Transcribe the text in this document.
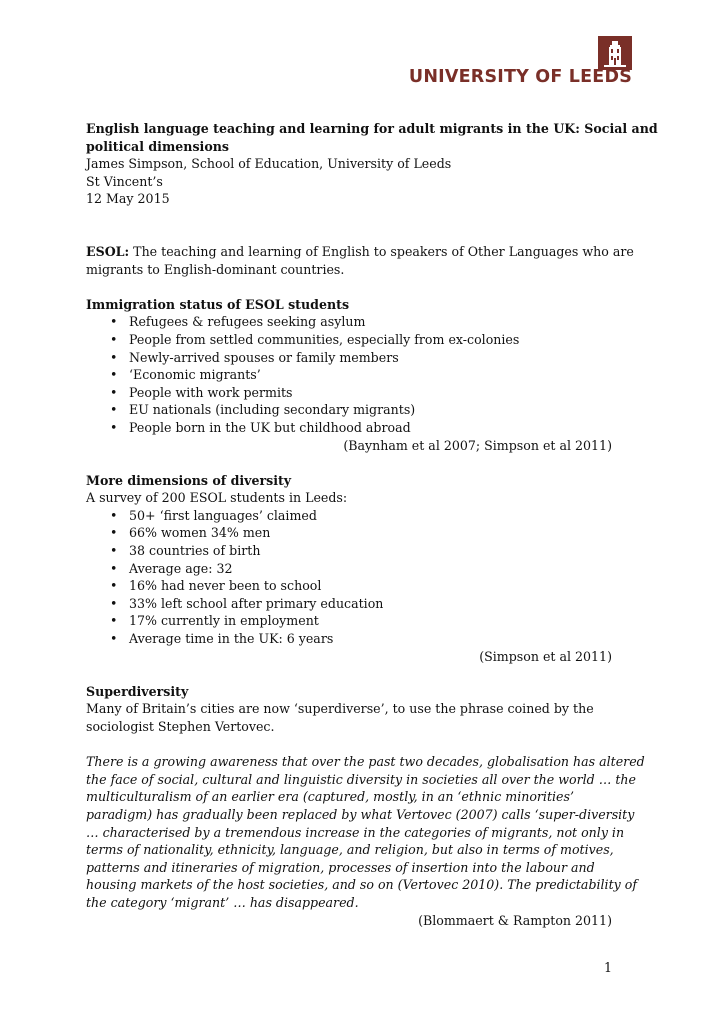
UNIVERSITY OF LEEDS
English language teaching and learning for adult migrants in the UK: Social and
political dimensions
James Simpson, School of Education, University of Leeds
St Vincent’s
12 May 2015
ESOL: The teaching and learning of English to speakers of Other Languages who are
migrants to English-dominant countries.
Immigration status of ESOL students
• Refugees & refugees seeking asylum
• People from settled communities, especially from ex-colonies
• Newly-arrived spouses or family members
• ‘Economic migrants’
• People with work permits
• EU nationals (including secondary migrants)
• People born in the UK but childhood abroad
(Baynham et al 2007; Simpson et al 2011)
More dimensions of diversity
A survey of 200 ESOL students in Leeds:
• 50+ ‘first languages’ claimed
• 66% women 34% men
• 38 countries of birth
• Average age: 32
• 16% had never been to school
• 33% left school after primary education
• 17% currently in employment
• Average time in the UK: 6 years
(Simpson et al 2011)
Superdiversity
Many of Britain’s cities are now ‘superdiverse’, to use the phrase coined by the
sociologist Stephen Vertovec.
There is a growing awareness that over the past two decades, globalisation has altered
the face of social, cultural and linguistic diversity in societies all over the world … the
multiculturalism of an earlier era (captured, mostly, in an ‘ethnic minorities’
paradigm) has gradually been replaced by what Vertovec (2007) calls ‘super-diversity
… characterised by a tremendous increase in the categories of migrants, not only in
terms of nationality, ethnicity, language, and religion, but also in terms of motives,
patterns and itineraries of migration, processes of insertion into the labour and
housing markets of the host societies, and so on (Vertovec 2010). The predictability of
the category ‘migrant’ … has disappeared.
(Blommaert & Rampton 2011)
1
